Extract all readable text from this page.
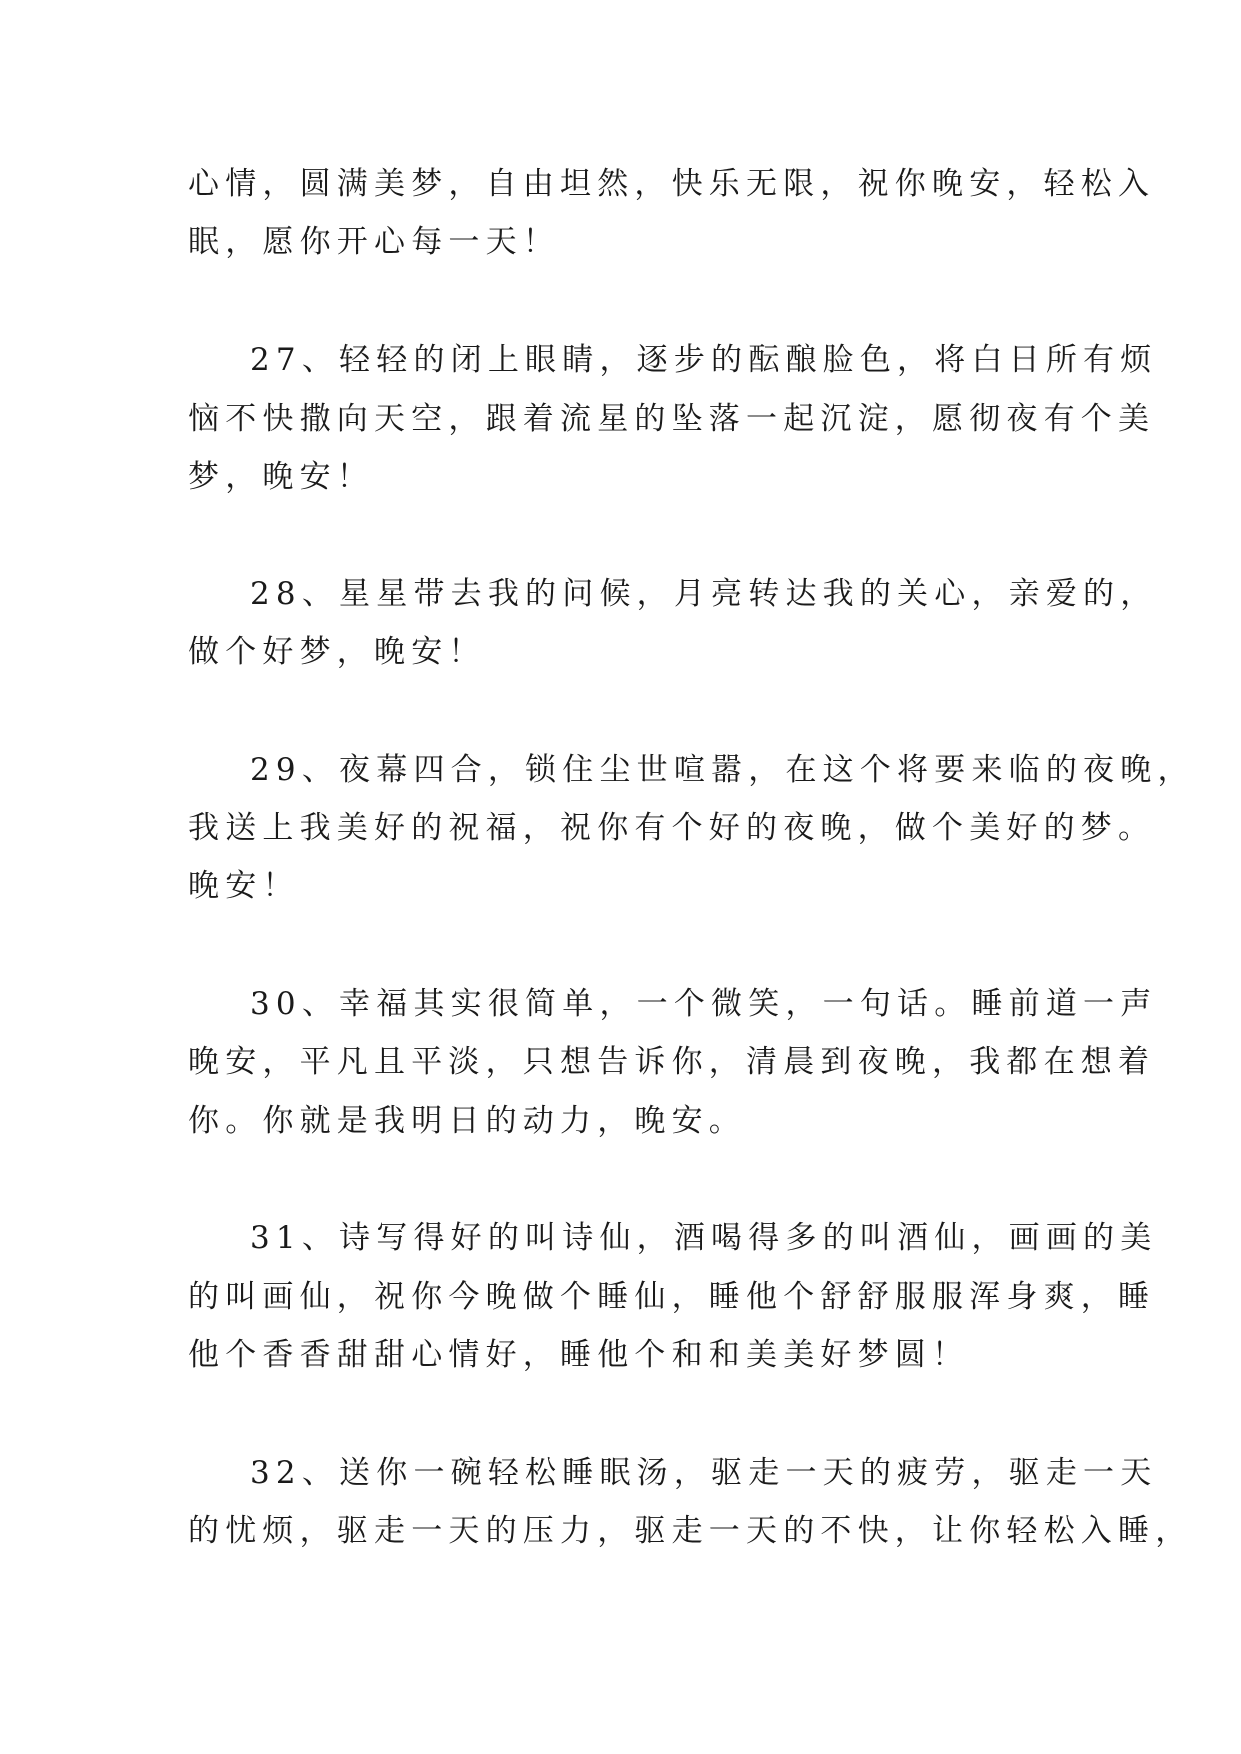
心情，圆满美梦，自由坦然，快乐无限，祝你晚安，轻松入
眠，愿你开心每一天！
27、轻轻的闭上眼睛，逐步的酝酿脸色，将白日所有烦
恼不快撒向天空，跟着流星的坠落一起沉淀，愿彻夜有个美
梦，晚安！
28、星星带去我的问候，月亮转达我的关心，亲爱的，
做个好梦，晚安！
29、夜幕四合，锁住尘世喧嚣，在这个将要来临的夜晚，
我送上我美好的祝福，祝你有个好的夜晚，做个美好的梦。
晚安！
30、幸福其实很简单，一个微笑，一句话。睡前道一声
晚安，平凡且平淡，只想告诉你，清晨到夜晚，我都在想着
你。你就是我明日的动力，晚安。
31、诗写得好的叫诗仙，酒喝得多的叫酒仙，画画的美
的叫画仙，祝你今晚做个睡仙，睡他个舒舒服服浑身爽，睡
他个香香甜甜心情好，睡他个和和美美好梦圆！
32、送你一碗轻松睡眠汤，驱走一天的疲劳，驱走一天
的忧烦，驱走一天的压力，驱走一天的不快，让你轻松入睡，
